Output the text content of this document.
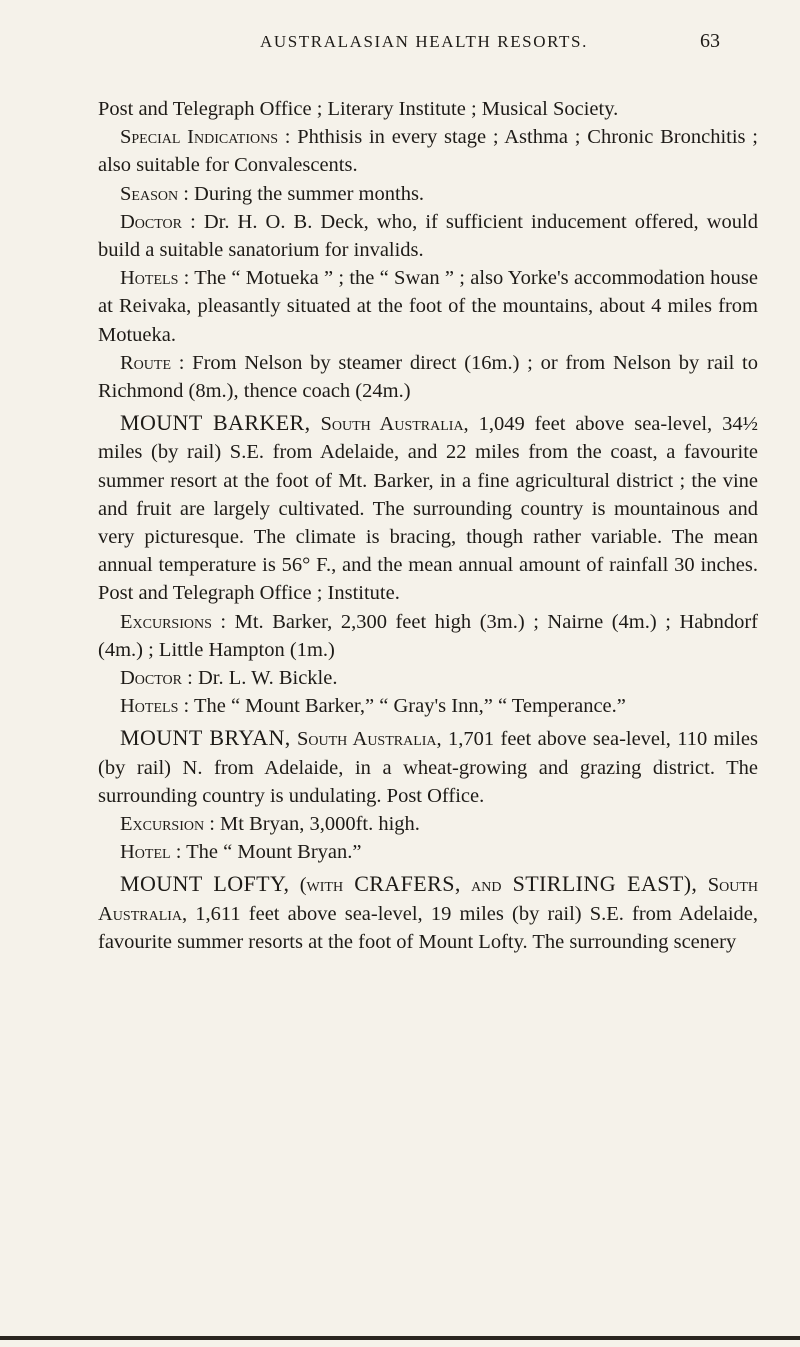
AUSTRALASIAN HEALTH RESORTS.	63

Post and Telegraph Office ; Literary Institute ; Musical Society.

Special Indications : Phthisis in every stage ; Asthma ; Chronic Bronchitis ; also suitable for Convalescents.

Season : During the summer months.

Doctor : Dr. H. O. B. Deck, who, if sufficient inducement offered, would build a suitable sanatorium for invalids.

Hotels : The “ Motueka ” ; the “ Swan ” ; also Yorke's accommodation house at Reivaka, pleasantly situated at the foot of the mountains, about 4 miles from Motueka.

Route : From Nelson by steamer direct (16m.) ; or from Nelson by rail to Richmond (8m.), thence coach (24m.)

MOUNT BARKER, South Australia, 1,049 feet above sea-level, 34½ miles (by rail) S.E. from Adelaide, and 22 miles from the coast, a favourite summer resort at the foot of Mt. Barker, in a fine agricultural district ; the vine and fruit are largely cultivated. The surrounding country is mountainous and very picturesque. The climate is bracing, though rather variable. The mean annual temperature is 56° F., and the mean annual amount of rainfall 30 inches. Post and Telegraph Office ; Institute.

Excursions : Mt. Barker, 2,300 feet high (3m.) ; Nairne (4m.) ; Habndorf (4m.) ; Little Hampton (1m.)

Doctor : Dr. L. W. Bickle.

Hotels : The “ Mount Barker,” “ Gray's Inn,” “ Temperance.”

MOUNT BRYAN, South Australia, 1,701 feet above sea-level, 110 miles (by rail) N. from Adelaide, in a wheat-growing and grazing district. The surrounding country is undulating. Post Office.

Excursion : Mt Bryan, 3,000ft. high.

Hotel : The “ Mount Bryan.”

MOUNT LOFTY, (with CRAFERS, and STIRLING EAST), South Australia, 1,611 feet above sea-level, 19 miles (by rail) S.E. from Adelaide, favourite summer resorts at the foot of Mount Lofty. The surrounding scenery
